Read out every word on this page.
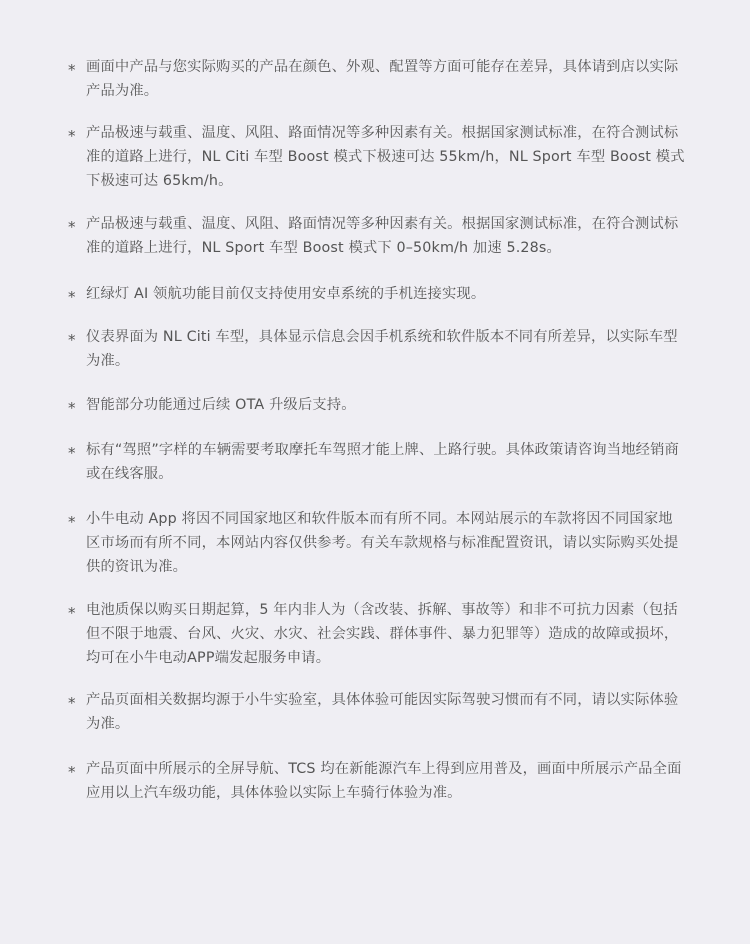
* 画面中产品与您实际购买的产品在颜色、外观、配置等方面可能存在差异，具体请到店以实际产品为准。
* 产品极速与载重、温度、风阻、路面情况等多种因素有关。根据国家测试标准，在符合测试标准的道路上进行，NL Citi 车型 Boost 模式下极速可达 55km/h，NL Sport 车型 Boost 模式下极速可达 65km/h。
* 产品极速与载重、温度、风阻、路面情况等多种因素有关。根据国家测试标准，在符合测试标准的道路上进行，NL Sport 车型 Boost 模式下 0–50km/h 加速 5.28s。
* 红绿灯 AI 领航功能目前仅支持使用安卓系统的手机连接实现。
* 仪表界面为 NL Citi 车型，具体显示信息会因手机系统和软件版本不同有所差异，以实际车型为准。
* 智能部分功能通过后续 OTA 升级后支持。
* 标有“驾照”字样的车辆需要考取摩托车驾照才能上牌、上路行驶。具体政策请咨询当地经销商或在线客服。
* 小牛电动 App 将因不同国家地区和软件版本而有所不同。本网站展示的车款将因不同国家地区市场而有所不同，本网站内容仅供参考。有关车款规格与标准配置资讯，请以实际购买处提供的资讯为准。
* 电池质保以购买日期起算，5 年内非人为（含改装、拆解、事故等）和非不可抗力因素（包括但不限于地震、台风、火灾、水灾、社会实践、群体事件、暴力犯罪等）造成的故障或损坏，均可在小牛电动APP端发起服务申请。
* 产品页面相关数据均源于小牛实验室，具体体验可能因实际驾驶习惯而有不同，请以实际体验为准。
* 产品页面中所展示的全屏导航、TCS 均在新能源汽车上得到应用普及，画面中所展示产品全面应用以上汽车级功能，具体体验以实际上车骑行体验为准。
